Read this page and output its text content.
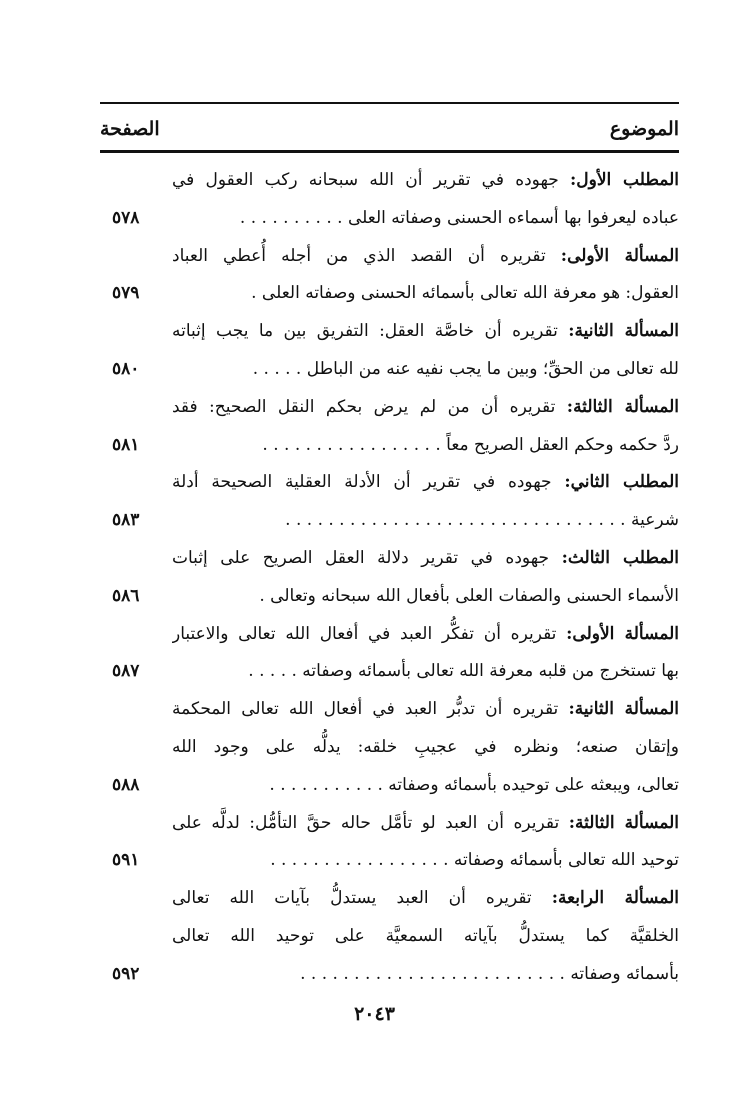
الموضوع
الصفحة
المطلب الأول: جهوده في تقرير أن الله سبحانه ركب العقول في
عباده ليعرفوا بها أسماءه الحسنى وصفاته العلى . . . . . . . . . .
٥٧٨
المسألة الأولى: تقريره أن القصد الذي من أجله أُعطي العباد
العقول: هو معرفة الله تعالى بأسمائه الحسنى وصفاته العلى .
٥٧٩
المسألة الثانية: تقريره أن خاصَّة العقل: التفريق بين ما يجب إثباته
لله تعالى من الحقِّ؛ وبين ما يجب نفيه عنه من الباطل . . . . .
٥٨٠
المسألة الثالثة: تقريره أن من لم يرض بحكم النقل الصحيح: فقد
ردَّ حكمه وحكم العقل الصريح معاً . . . . . . . . . . . . . . . . .
٥٨١
المطلب الثاني: جهوده في تقرير أن الأدلة العقلية الصحيحة أدلة
شرعية . . . . . . . . . . . . . . . . . . . . . . . . . . . . . . . .
٥٨٣
المطلب الثالث: جهوده في تقرير دلالة العقل الصريح على إثبات
الأسماء الحسنى والصفات العلى بأفعال الله سبحانه وتعالى .
٥٨٦
المسألة الأولى: تقريره أن تفكُّر العبد في أفعال الله تعالى والاعتبار
بها تستخرج من قلبه معرفة الله تعالى بأسمائه وصفاته . . . . .
٥٨٧
المسألة الثانية: تقريره أن تدبُّر العبد في أفعال الله تعالى المحكمة
وإتقان صنعه؛ ونظره في عجيبِ خلقه: يدلُّه على وجود الله
تعالى، ويبعثه على توحيده بأسمائه وصفاته . . . . . . . . . . .
٥٨٨
المسألة الثالثة: تقريره أن العبد لو تأمَّل حاله حقَّ التأمُّل: لدلَّه على
توحيد الله تعالى بأسمائه وصفاته . . . . . . . . . . . . . . . . .
٥٩١
المسألة الرابعة: تقريره أن العبد يستدلُّ بآيات الله تعالى
الخلقيَّة كما يستدلُّ بآياته السمعيَّة على توحيد الله تعالى
بأسمائه وصفاته . . . . . . . . . . . . . . . . . . . . . . . . .
٥٩٢
٢٠٤٣
